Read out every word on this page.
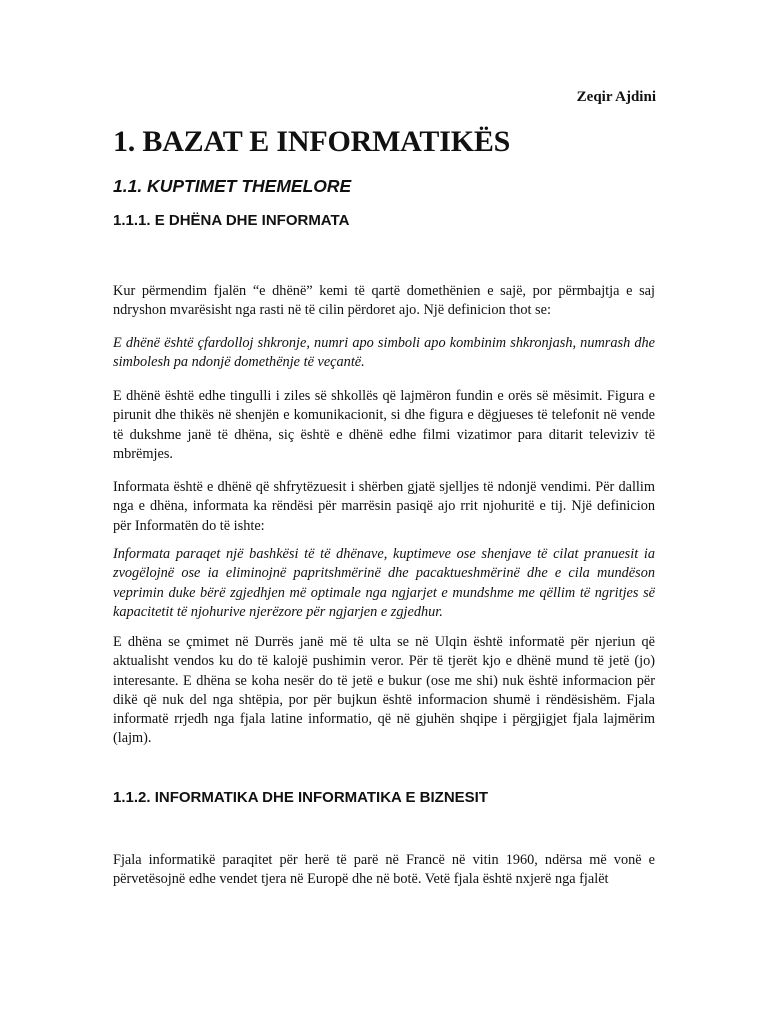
Zeqir Ajdini
1. BAZAT E INFORMATIKËS
1.1. KUPTIMET THEMELORE
1.1.1. E DHËNA DHE INFORMATA

Kur përmendim fjalën “e dhënë” kemi të qartë domethënien e sajë, por përmbajtja e saj ndryshon mvarësisht nga rasti në të cilin përdoret ajo. Një definicion thot se:

E dhënë është çfardolloj shkronje, numri apo simboli apo kombinim shkronjash, numrash dhe simbolesh pa ndonjë domethënje të veçantë.

E dhënë është edhe tingulli i ziles së shkollës që lajmëron fundin e orës së mësimit. Figura e pirunit dhe thikës në shenjën e komunikacionit, si dhe figura e dëgjueses të telefonit në vende të dukshme janë të dhëna, siç është e dhënë edhe filmi vizatimor para ditarit televiziv të mbrëmjes.

Informata është e dhënë që shfrytëzuesit i shërben gjatë sjelljes të ndonjë vendimi. Për dallim nga e dhëna, informata ka rëndësi për marrësin pasiqë ajo rrit njohuritë e tij. Një definicion për Informatën do të ishte:

Informata paraqet një bashkësi të të dhënave, kuptimeve ose shenjave të cilat pranuesit ia zvogëlojnë ose ia eliminojnë papritshmërinë dhe pacaktueshmërinë dhe e cila mundëson veprimin duke bërë zgjedhjen më optimale nga ngjarjet e mundshme me qëllim të ngritjes së kapacitetit të njohurive njerëzore për ngjarjen e zgjedhur.

E dhëna se çmimet në Durrës janë më të ulta se në Ulqin është informatë për njeriun që aktualisht vendos ku do të kalojë pushimin veror. Për të tjerët kjo e dhënë mund të jetë (jo) interesante. E dhëna se koha nesër do të jetë e bukur (ose me shi) nuk është informacion për dikë që nuk del nga shtëpia, por për bujkun është informacion shumë i rëndësishëm. Fjala informatë rrjedh nga fjala latine informatio, që në gjuhën shqipe i përgjigjet fjala lajmërim (lajm).

1.1.2. INFORMATIKA DHE INFORMATIKA E BIZNESIT

Fjala informatikë paraqitet për herë të parë në Francë në vitin 1960, ndërsa më vonë e përvetësojnë edhe vendet tjera në Europë dhe në botë. Vetë fjala është nxjerë nga fjalët
